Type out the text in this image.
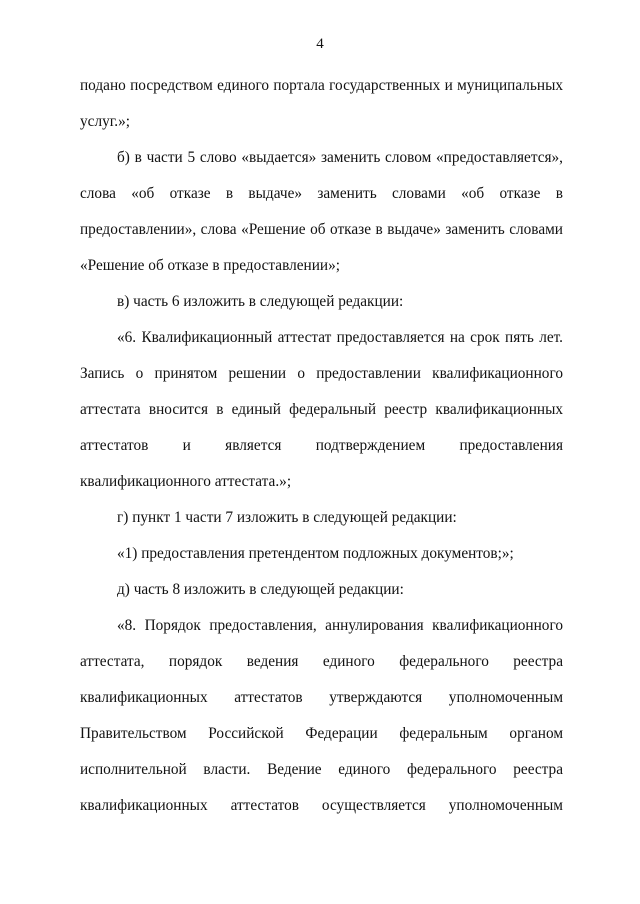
4
подано посредством единого портала государственных и муниципальных
услуг.»;
б) в части 5 слово «выдается» заменить словом «предоставляется»,
слова «об отказе в выдаче» заменить словами «об отказе в
предоставлении», слова «Решение об отказе в выдаче» заменить словами
«Решение об отказе в предоставлении»;
в) часть 6 изложить в следующей редакции:
«6. Квалификационный аттестат предоставляется на срок пять лет.
Запись о принятом решении о предоставлении квалификационного
аттестата вносится в единый федеральный реестр квалификационных
аттестатов и является подтверждением предоставления
квалификационного аттестата.»;
г) пункт 1 части 7 изложить в следующей редакции:
«1) предоставления претендентом подложных документов;»;
д) часть 8 изложить в следующей редакции:
«8. Порядок предоставления, аннулирования квалификационного
аттестата, порядок ведения единого федерального реестра
квалификационных аттестатов утверждаются уполномоченным
Правительством Российской Федерации федеральным органом
исполнительной власти. Ведение единого федерального реестра
квалификационных аттестатов осуществляется уполномоченным
